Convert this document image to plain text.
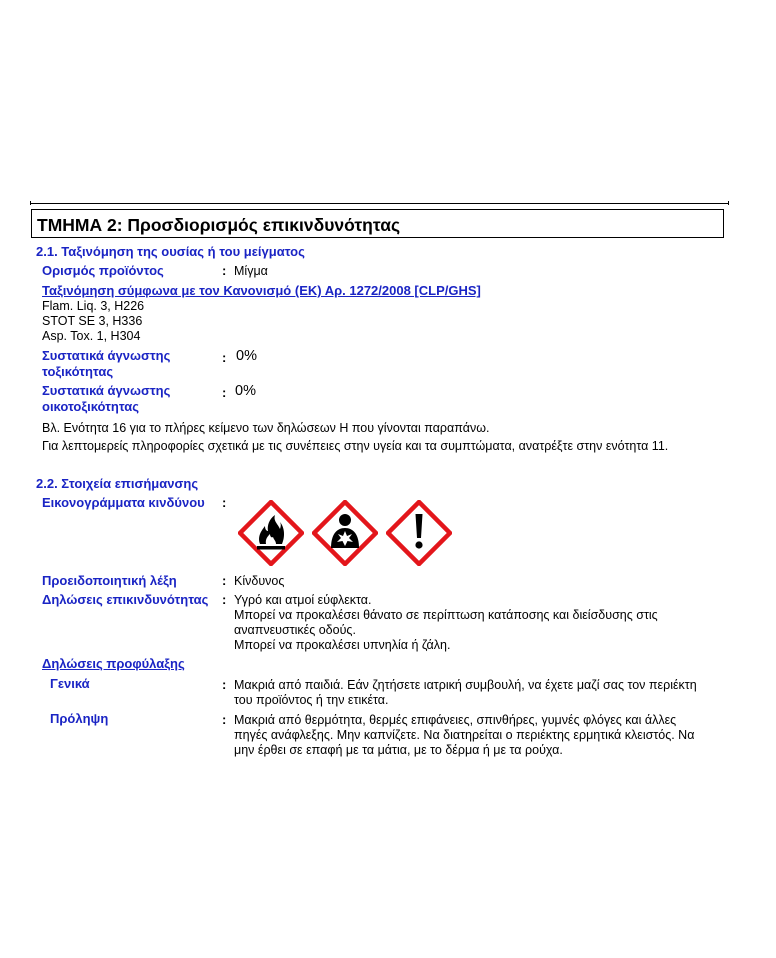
ΤΜΗΜΑ 2: Προσδιορισμός επικινδυνότητας
2.1. Ταξινόμηση της ουσίας ή του μείγματος
Ορισμός προϊόντος	: Μίγμα
Ταξινόμηση σύμφωνα με τον Κανονισμό (ΕΚ) Αρ. 1272/2008 [CLP/GHS]
Flam. Liq. 3, H226
STOT SE 3, H336
Asp. Tox. 1, H304
Συστατικά άγνωστης
τοξικότητας
: 0%
Συστατικά άγνωστης
οικοτοξικότητας
: 0%
Βλ. Ενότητα 16 για το πλήρες κείμενο των δηλώσεων H που γίνονται παραπάνω.
Για λεπτομερείς πληροφορίες σχετικά με τις συνέπειες στην υγεία και τα συμπτώματα, ανατρέξτε στην ενότητα 11.
2.2. Στοιχεία επισήμανσης
Εικονογράμματα κινδύνου :
Προειδοποιητική λέξη	: Κίνδυνος
Δηλώσεις επικινδυνότητας : Υγρό και ατμοί εύφλεκτα.
Μπορεί να προκαλέσει θάνατο σε περίπτωση κατάποσης και διείσδυσης στις
αναπνευστικές οδούς.
Μπορεί να προκαλέσει υπνηλία ή ζάλη.
Δηλώσεις προφύλαξης
Γενικά	: Μακριά από παιδιά. Εάν ζητήσετε ιατρική συμβουλή, να έχετε μαζί σας τον περιέκτη
του προϊόντος ή την ετικέτα.
Πρόληψη	: Μακριά από θερμότητα, θερμές επιφάνειες, σπινθήρες, γυμνές φλόγες και άλλες
πηγές ανάφλεξης. Μην καπνίζετε. Να διατηρείται ο περιέκτης ερμητικά κλειστός. Να
μην έρθει σε επαφή με τα μάτια, με το δέρμα ή με τα ρούχα.
